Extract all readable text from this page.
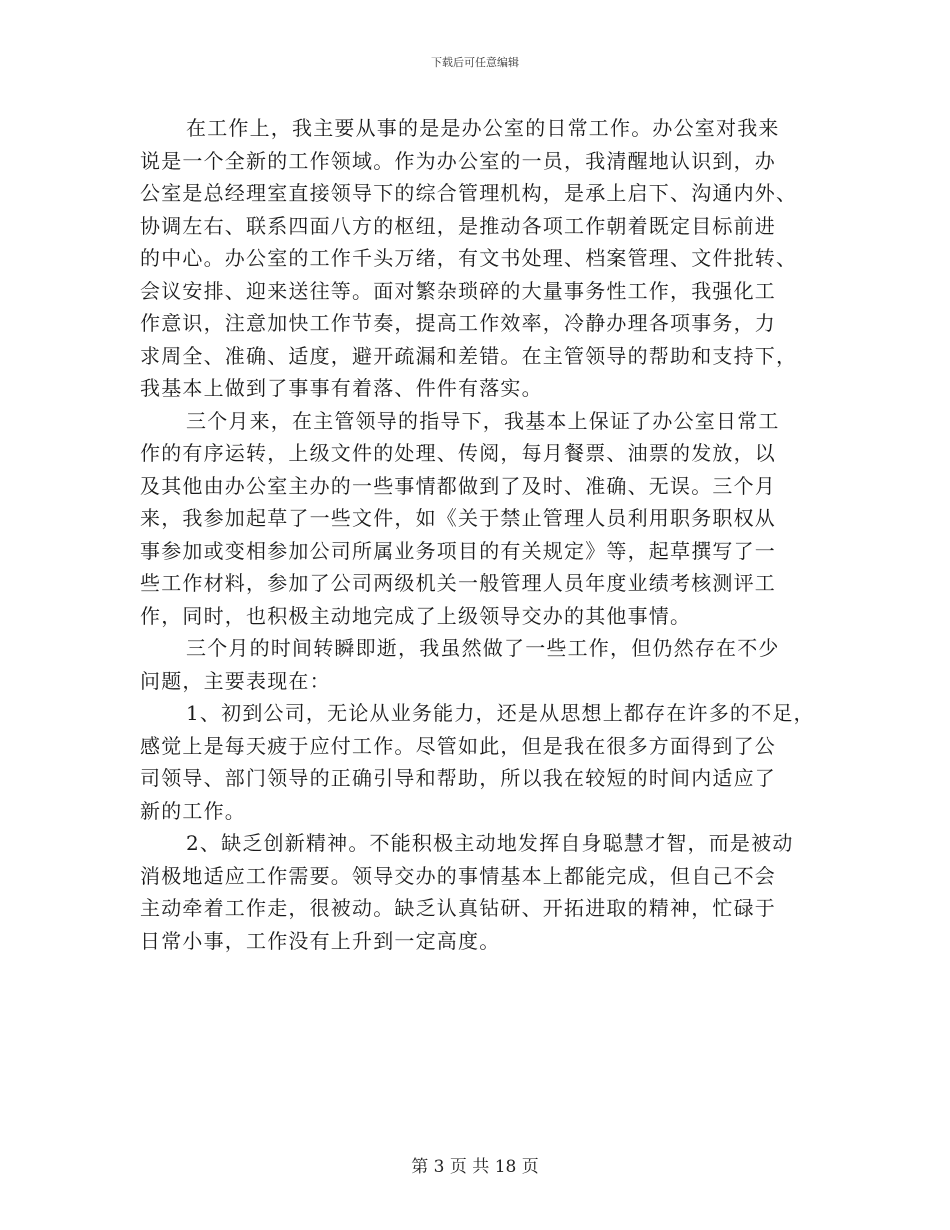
下载后可任意编辑
在工作上，我主要从事的是是办公室的日常工作。办公室对我来
说是一个全新的工作领域。作为办公室的一员，我清醒地认识到，办
公室是总经理室直接领导下的综合管理机构，是承上启下、沟通内外、
协调左右、联系四面八方的枢纽，是推动各项工作朝着既定目标前进
的中心。办公室的工作千头万绪，有文书处理、档案管理、文件批转、
会议安排、迎来送往等。面对繁杂琐碎的大量事务性工作，我强化工
作意识，注意加快工作节奏，提高工作效率，冷静办理各项事务，力
求周全、准确、适度，避开疏漏和差错。在主管领导的帮助和支持下，
我基本上做到了事事有着落、件件有落实。
三个月来，在主管领导的指导下，我基本上保证了办公室日常工
作的有序运转，上级文件的处理、传阅，每月餐票、油票的发放，以
及其他由办公室主办的一些事情都做到了及时、准确、无误。三个月
来，我参加起草了一些文件，如《关于禁止管理人员利用职务职权从
事参加或变相参加公司所属业务项目的有关规定》等，起草撰写了一
些工作材料，参加了公司两级机关一般管理人员年度业绩考核测评工
作，同时，也积极主动地完成了上级领导交办的其他事情。
三个月的时间转瞬即逝，我虽然做了一些工作，但仍然存在不少
问题，主要表现在：
1、初到公司，无论从业务能力，还是从思想上都存在许多的不足，
感觉上是每天疲于应付工作。尽管如此，但是我在很多方面得到了公
司领导、部门领导的正确引导和帮助，所以我在较短的时间内适应了
新的工作。
2、缺乏创新精神。不能积极主动地发挥自身聪慧才智，而是被动
消极地适应工作需要。领导交办的事情基本上都能完成，但自己不会
主动牵着工作走，很被动。缺乏认真钻研、开拓进取的精神，忙碌于
日常小事，工作没有上升到一定高度。
第 3 页 共 18 页
